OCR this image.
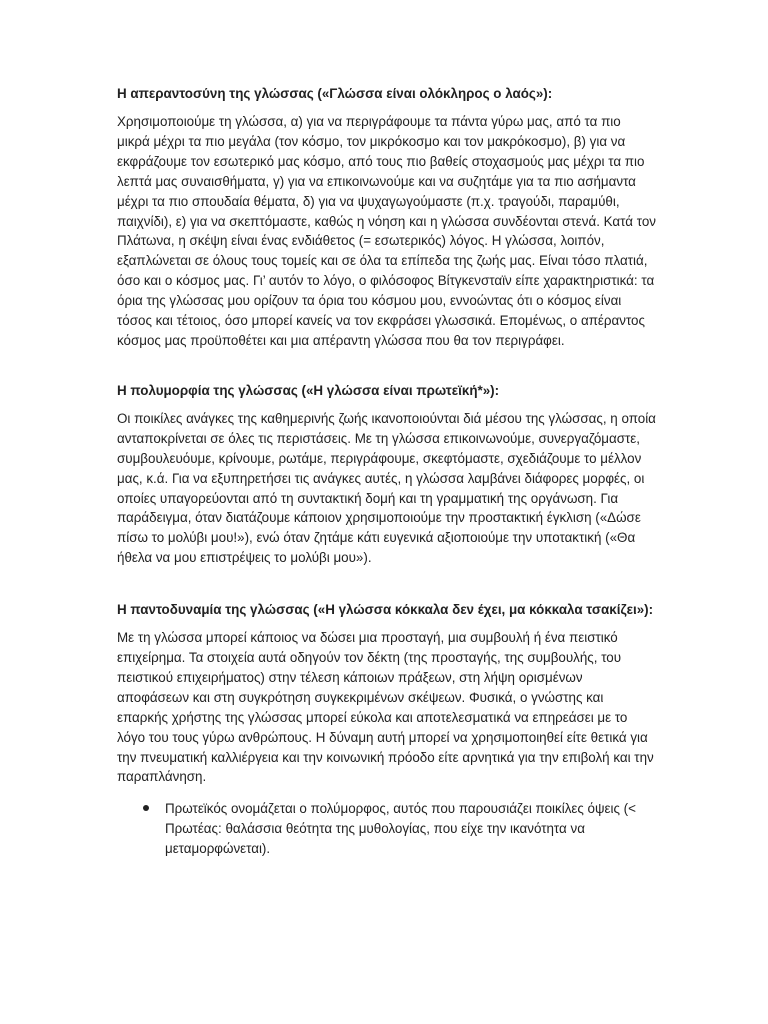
Η απεραντοσύνη της γλώσσας («Γλώσσα είναι ολόκληρος ο λαός»):

Χρησιμοποιούμε τη γλώσσα, α) για να περιγράφουμε τα πάντα γύρω μας, από τα πιο μικρά μέχρι τα πιο μεγάλα (τον κόσμο, τον μικρόκοσμο και τον μακρόκοσμο), β) για να εκφράζουμε τον εσωτερικό μας κόσμο, από τους πιο βαθείς στοχασμούς μας μέχρι τα πιο λεπτά μας συναισθήματα, γ) για να επικοινωνούμε και να συζητάμε για τα πιο ασήμαντα μέχρι τα πιο σπουδαία θέματα, δ) για να ψυχαγωγούμαστε (π.χ. τραγούδι, παραμύθι, παιχνίδι), ε) για να σκεπτόμαστε, καθώς η νόηση και η γλώσσα συνδέονται στενά. Κατά τον Πλάτωνα, η σκέψη είναι ένας ενδιάθετος (= εσωτερικός) λόγος. Η γλώσσα, λοιπόν, εξαπλώνεται σε όλους τους τομείς και σε όλα τα επίπεδα της ζωής μας. Είναι τόσο πλατιά, όσο και ο κόσμος μας. Γι’ αυτόν το λόγο, ο φιλόσοφος Βίτγκενσταϊν είπε χαρακτηριστικά: τα όρια της γλώσσας μου ορίζουν τα όρια του κόσμου μου, εννοώντας ότι ο κόσμος είναι τόσος και τέτοιος, όσο μπορεί κανείς να τον εκφράσει γλωσσικά. Επομένως, ο απέραντος κόσμος μας προϋποθέτει και μια απέραντη γλώσσα που θα τον περιγράφει.

Η πολυμορφία της γλώσσας («Η γλώσσα είναι πρωτεϊκή*»):

Οι ποικίλες ανάγκες της καθημερινής ζωής ικανοποιούνται διά μέσου της γλώσσας, η οποία ανταποκρίνεται σε όλες τις περιστάσεις. Με τη γλώσσα επικοινωνούμε, συνεργαζόμαστε, συμβουλευόυμε, κρίνουμε, ρωτάμε, περιγράφουμε, σκεφτόμαστε, σχεδιάζουμε το μέλλον μας, κ.ά. Για να εξυπηρετήσει τις ανάγκες αυτές, η γλώσσα λαμβάνει διάφορες μορφές, οι οποίες υπαγορεύονται από τη συντακτική δομή και τη γραμματική της οργάνωση. Για παράδειγμα, όταν διατάζουμε κάποιον χρησιμοποιούμε την προστακτική έγκλιση («Δώσε πίσω το μολύβι μου!»), ενώ όταν ζητάμε κάτι ευγενικά αξιοποιούμε την υποτακτική («Θα ήθελα να μου επιστρέψεις το μολύβι μου»).

Η παντοδυναμία της γλώσσας («Η γλώσσα κόκκαλα δεν έχει, μα κόκκαλα τσακίζει»):

Με τη γλώσσα μπορεί κάποιος να δώσει μια προσταγή, μια συμβουλή ή ένα πειστικό επιχείρημα. Τα στοιχεία αυτά οδηγούν τον δέκτη (της προσταγής, της συμβουλής, του πειστικού επιχειρήματος) στην τέλεση κάποιων πράξεων, στη λήψη ορισμένων αποφάσεων και στη συγκρότηση συγκεκριμένων σκέψεων. Φυσικά, ο γνώστης και επαρκής χρήστης της γλώσσας μπορεί εύκολα και αποτελεσματικά να επηρεάσει με το λόγο του τους γύρω ανθρώπους. Η δύναμη αυτή μπορεί να χρησιμοποιηθεί είτε θετικά για την πνευματική καλλιέργεια και την κοινωνική πρόοδο είτε αρνητικά για την επιβολή και την παραπλάνηση.

Πρωτεϊκός ονομάζεται ο πολύμορφος, αυτός που παρουσιάζει ποικίλες όψεις (< Πρωτέας: θαλάσσια θεότητα της μυθολογίας, που είχε την ικανότητα να μεταμορφώνεται).
